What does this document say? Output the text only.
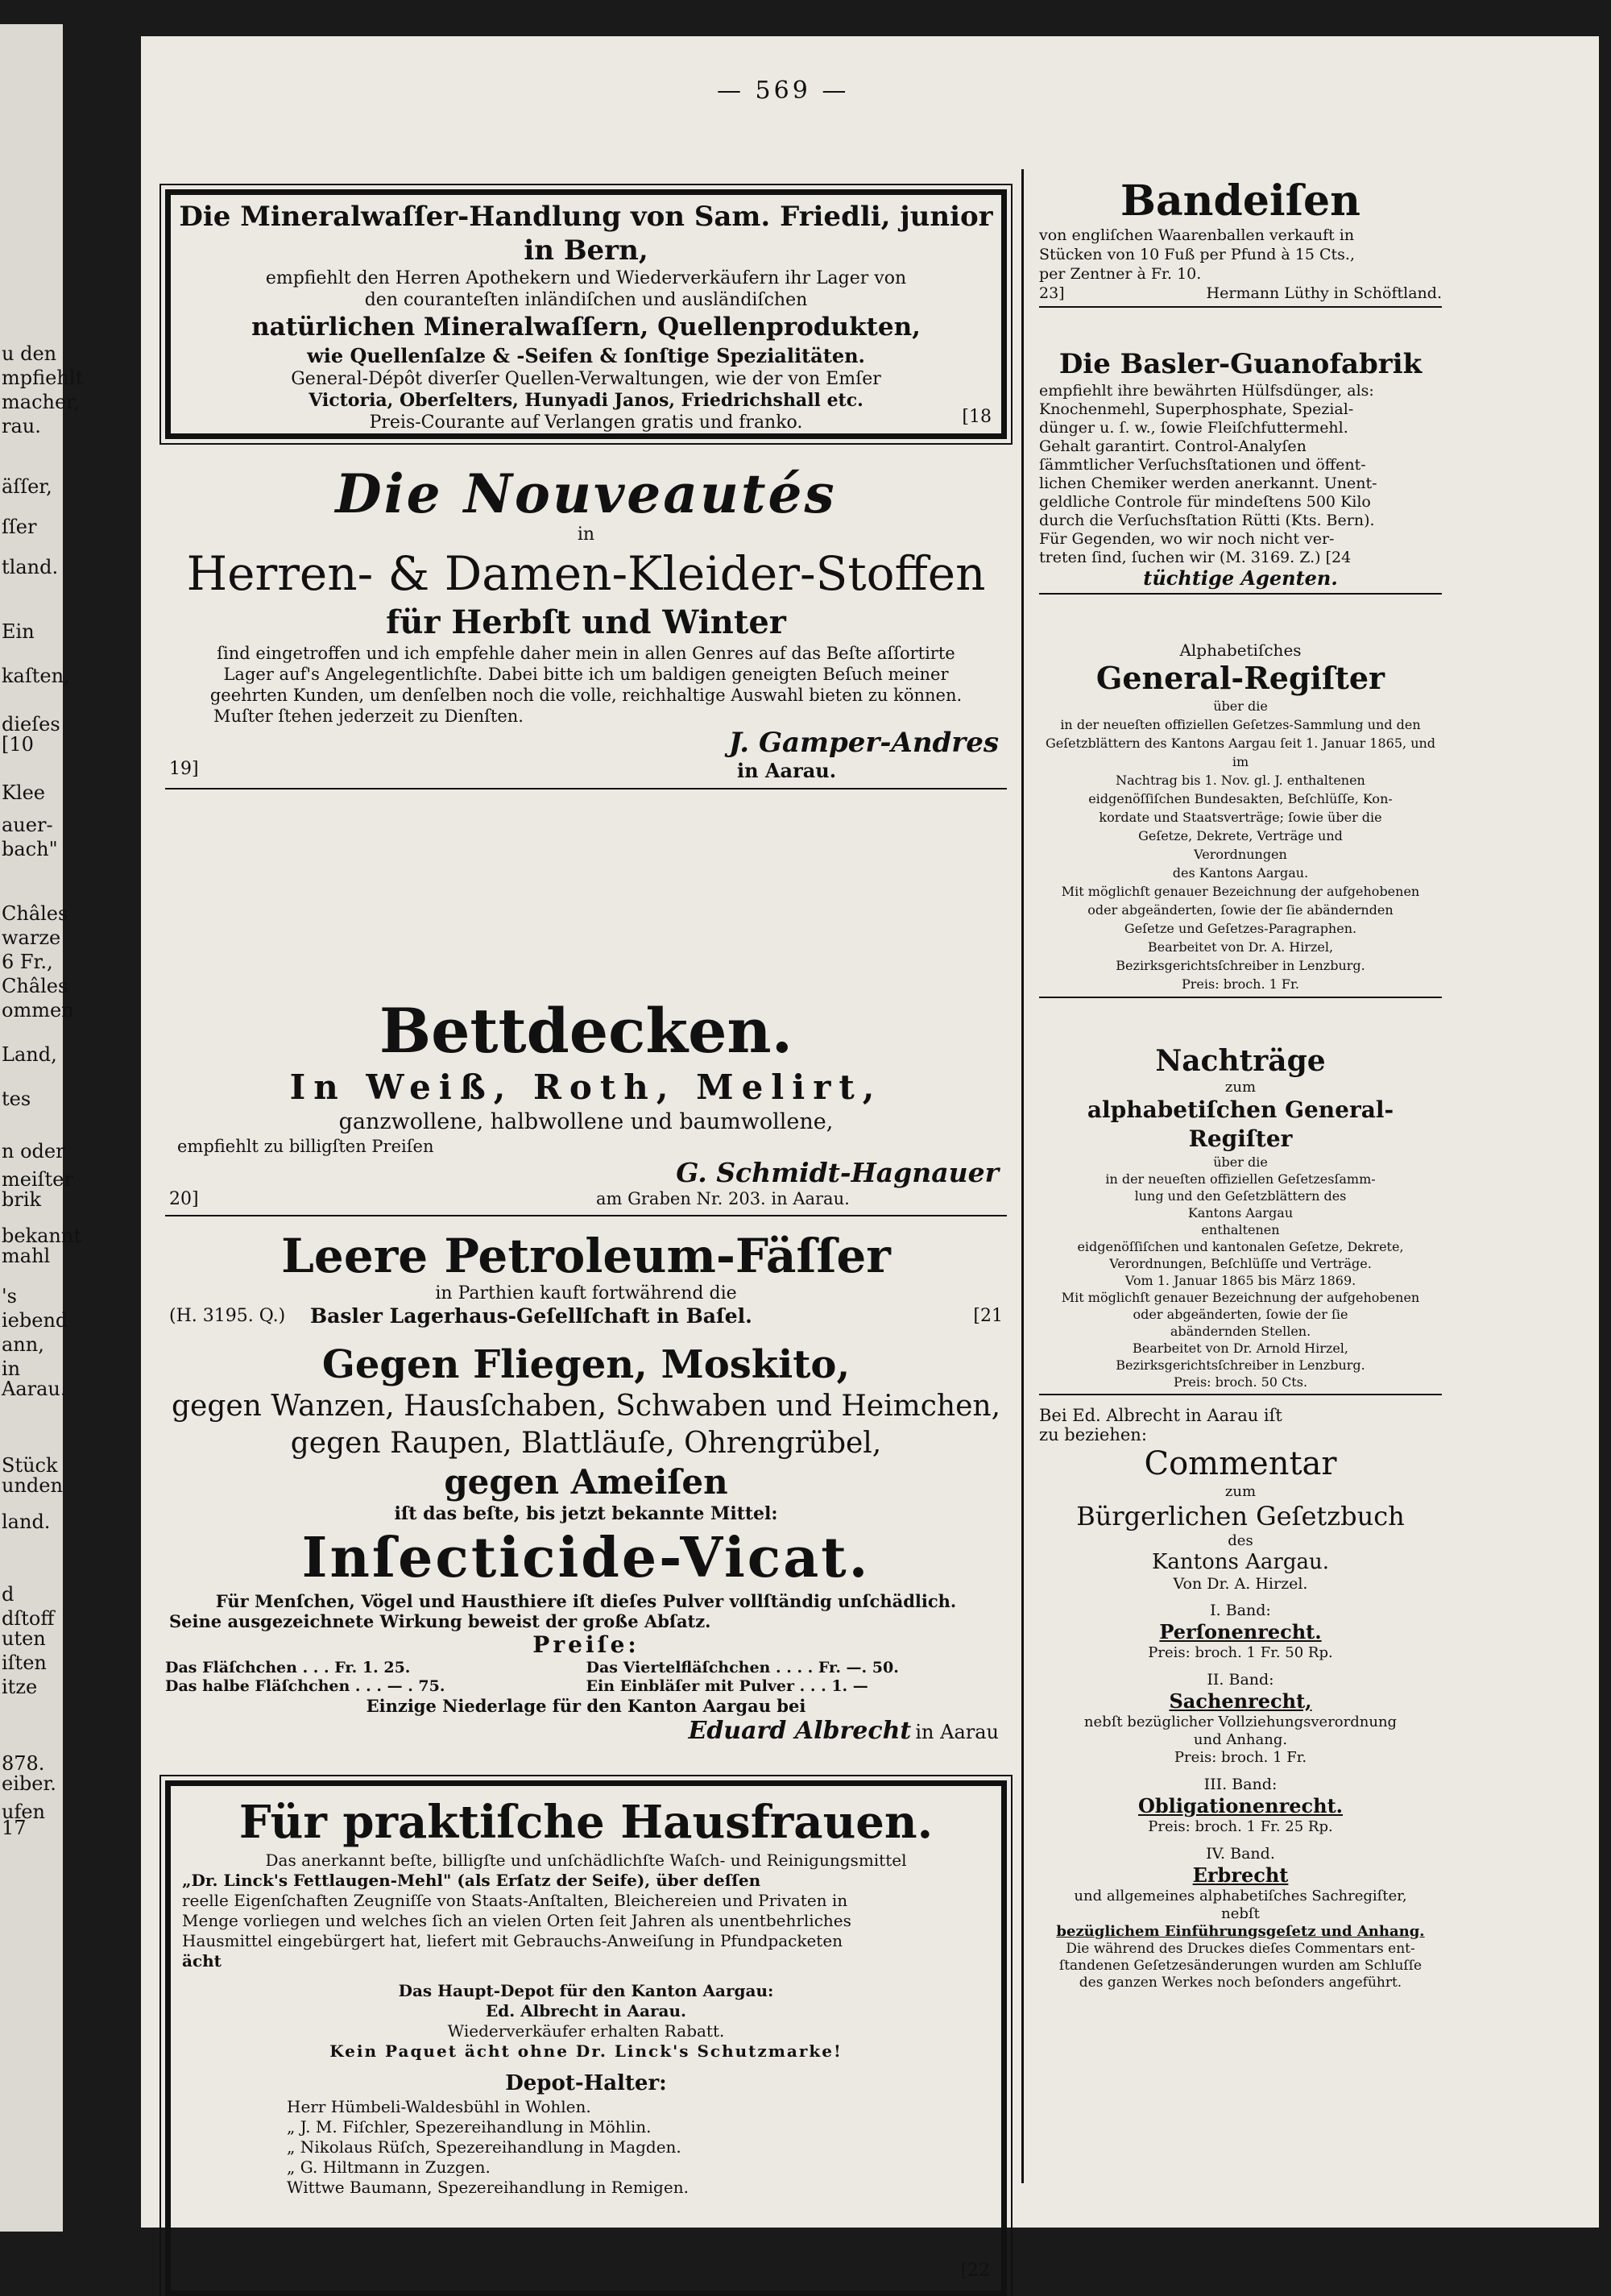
u den
mpfiehlt
macher,
rau.
äſſer,
ſſer
tland.
Ein
kaſten,
dieſes
[10
Klee
auer-
bach"
Châles
warze
6 Fr.,
Châles
ommen
Land,
tes
n oder
meiſter
brik
bekannt
mahl
's
iebend
ann,
in
Aarau.
Stück
unden
land.
d
dſtoff
uten
iſten
itze
878.
eiber.
ufen
17
— 569 —
Die Mineralwaſſer-Handlung von Sam. Friedli, junior in Bern,
empfiehlt den Herren Apothekern und Wiederverkäufern ihr Lager von
den couranteſten inländiſchen und ausländiſchen
natürlichen Mineralwaſſern, Quellenprodukten,
wie Quellenſalze & -Seifen & ſonſtige Spezialitäten.
General-Dépôt diverſer Quellen-Verwaltungen, wie der von Emſer
Victoria, Oberſelters, Hunyadi Janos, Friedrichshall etc.
Preis-Courante auf Verlangen gratis und franko.	[18
Die Nouveautés
in
Herren- & Damen-Kleider-Stoffen
für Herbſt und Winter
ſind eingetroffen und ich empfehle daher mein in allen Genres auf das Beſte aſſortirte
Lager auf's Angelegentlichſte. Dabei bitte ich um baldigen geneigten Beſuch meiner
geehrten Kunden, um denſelben noch die volle, reichhaltige Auswahl bieten zu können.
Muſter ſtehen jederzeit zu Dienſten.
J. Gamper-Andres
19]	in Aarau.
Bettdecken.
In Weiß, Roth, Melirt,
ganzwollene, halbwollene und baumwollene,
empfiehlt zu billigſten Preiſen
G. Schmidt-Hagnauer
20]	am Graben Nr. 203. in Aarau.
Leere Petroleum-Fäſſer
in Parthien kauft fortwährend die
(H. 3195. Q.) Basler Lagerhaus-Geſellſchaft in Baſel.	[21
Gegen Fliegen, Moskito,
gegen Wanzen, Hausſchaben, Schwaben und Heimchen,
gegen Raupen, Blattläuſe, Ohrengrübel,
gegen Ameiſen
iſt das beſte, bis jetzt bekannte Mittel:
Inſecticide-Vicat.
Für Menſchen, Vögel und Hausthiere iſt dieſes Pulver vollſtändig unſchädlich.
Seine ausgezeichnete Wirkung beweist der große Abſatz.
Preiſe:
Das Fläſchchen . . . Fr. 1. 25.	Das Viertelfläſchchen . . . . Fr. —. 50.
Das halbe Fläſchchen . . . — . 75.	Ein Einbläſer mit Pulver . . . 1. —
Einzige Niederlage für den Kanton Aargau bei
Eduard Albrecht in Aarau
Für praktiſche Hausfrauen.
Das anerkannt beſte, billigſte und unſchädlichſte Waſch- und Reinigungsmittel
„Dr. Linck's Fettlaugen-Mehl" (als Erſatz der Seife), über deſſen
reelle Eigenſchaften Zeugniſſe von Staats-Anſtalten, Bleichereien und Privaten in
Menge vorliegen und welches ſich an vielen Orten ſeit Jahren als unentbehrliches
Hausmittel eingebürgert hat, liefert mit Gebrauchs-Anweiſung in Pfundpacketen
ächt
Das Haupt-Depot für den Kanton Aargau:
Ed. Albrecht in Aarau.
Wiederverkäufer erhalten Rabatt.
Kein Paquet ächt ohne Dr. Linck's Schutzmarke!
Depot-Halter:
Herr Hümbeli-Waldesbühl in Wohlen.
„ J. M. Fiſchler, Spezereihandlung in Möhlin.
„ Nikolaus Rüſch, Spezereihandlung in Magden.
„ G. Hiltmann in Zuzgen.
Wittwe Baumann, Spezereihandlung in Remigen.
[22
Bandeiſen
von engliſchen Waarenballen verkauft in
Stücken von 10 Fuß per Pfund à 15 Cts.,
per Zentner à Fr. 10.
23]	Hermann Lüthy in Schöftland.
Die Basler-Guanofabrik
empfiehlt ihre bewährten Hülfsdünger, als:
Knochenmehl, Superphosphate, Spezial-
dünger u. ſ. w., ſowie Fleiſchfuttermehl.
Gehalt garantirt. Control-Analyſen
ſämmtlicher Verſuchsſtationen und öffent-
lichen Chemiker werden anerkannt. Unent-
geldliche Controle für mindeſtens 500 Kilo
durch die Verſuchsſtation Rütti (Kts. Bern).
Für Gegenden, wo wir noch nicht ver-
treten ſind, ſuchen wir (M. 3169. Z.) [24
tüchtige Agenten.
Alphabetiſches
General-Regiſter
über die
in der neueſten offiziellen Geſetzes-Sammlung und den
Geſetzblättern des Kantons Aargau ſeit 1. Januar 1865, und im
Nachtrag bis 1. Nov. gl. J. enthaltenen
eidgenöſſiſchen Bundesakten, Beſchlüſſe, Kon-
kordate und Staatsverträge; ſowie über die
Geſetze, Dekrete, Verträge und
Verordnungen
des Kantons Aargau.
Mit möglichſt genauer Bezeichnung der aufgehobenen
oder abgeänderten, ſowie der ſie abändernden
Geſetze und Geſetzes-Paragraphen.
Bearbeitet von Dr. A. Hirzel,
Bezirksgerichtsſchreiber in Lenzburg.
Preis: broch. 1 Fr.
Nachträge
zum
alphabetiſchen General-Regiſter
über die
in der neueſten offiziellen Geſetzesſamm-
lung und den Geſetzblättern des
Kantons Aargau
enthaltenen
eidgenöſſiſchen und kantonalen Geſetze, Dekrete,
Verordnungen, Beſchlüſſe und Verträge.
Vom 1. Januar 1865 bis März 1869.
Mit möglichſt genauer Bezeichnung der aufgehobenen
oder abgeänderten, ſowie der ſie
abändernden Stellen.
Bearbeitet von Dr. Arnold Hirzel,
Bezirksgerichtsſchreiber in Lenzburg.
Preis: broch. 50 Cts.
Bei Ed. Albrecht in Aarau iſt
zu beziehen:
Commentar
zum
Bürgerlichen Geſetzbuch
des
Kantons Aargau.
Von Dr. A. Hirzel.
I. Band:
Perſonenrecht.
Preis: broch. 1 Fr. 50 Rp.
II. Band:
Sachenrecht,
nebſt bezüglicher Vollziehungsverordnung
und Anhang.
Preis: broch. 1 Fr.
III. Band:
Obligationenrecht.
Preis: broch. 1 Fr. 25 Rp.
IV. Band.
Erbrecht
und allgemeines alphabetiſches Sachregiſter,
nebſt
bezüglichem Einführungsgeſetz und Anhang.
Die während des Druckes dieſes Commentars ent-
ſtandenen Geſetzesänderungen wurden am Schluſſe
des ganzen Werkes noch beſonders angeführt.
